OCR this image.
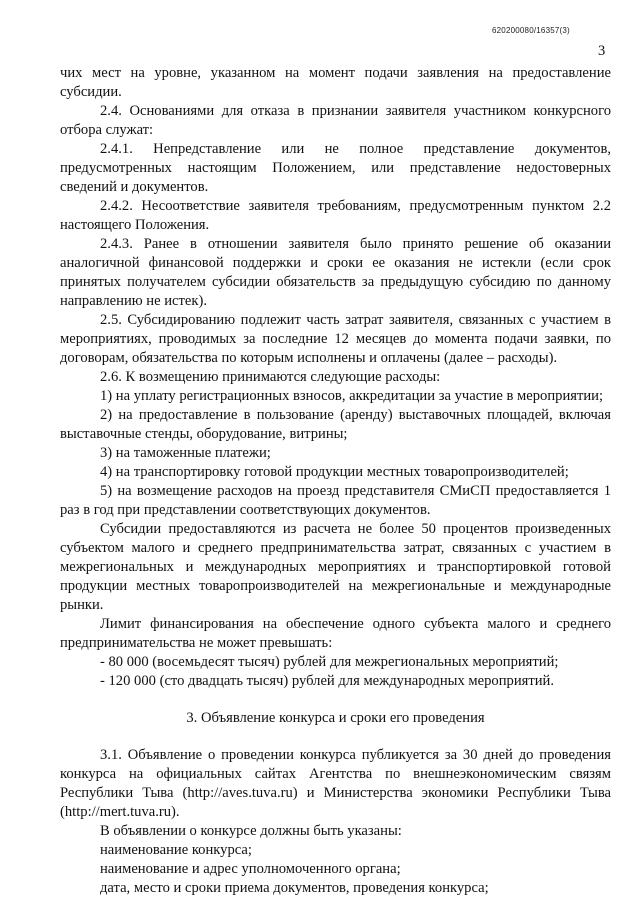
620200080/16357(3)
3

чих мест на уровне, указанном на момент подачи заявления на предоставление субсидии.

2.4. Основаниями для отказа в признании заявителя участником конкурсного отбора служат:

2.4.1. Непредставление или не полное представление документов, предусмотренных настоящим Положением, или представление недостоверных сведений и документов.

2.4.2. Несоответствие заявителя требованиям, предусмотренным пунктом 2.2 настоящего Положения.

2.4.3. Ранее в отношении заявителя было принято решение об оказании аналогичной финансовой поддержки и сроки ее оказания не истекли (если срок принятых получателем субсидии обязательств за предыдущую субсидию по данному направлению не истек).

2.5. Субсидированию подлежит часть затрат заявителя, связанных с участием в мероприятиях, проводимых за последние 12 месяцев до момента подачи заявки, по договорам, обязательства по которым исполнены и оплачены (далее – расходы).

2.6. К возмещению принимаются следующие расходы:

1) на уплату регистрационных взносов, аккредитации за участие в мероприятии;

2) на предоставление в пользование (аренду) выставочных площадей, включая выставочные стенды, оборудование, витрины;

3) на таможенные платежи;

4) на транспортировку готовой продукции местных товаропроизводителей;

5) на возмещение расходов на проезд представителя СМиСП предоставляется 1 раз в год при представлении соответствующих документов.

Субсидии предоставляются из расчета не более 50 процентов произведенных субъектом малого и среднего предпринимательства затрат, связанных с участием в межрегиональных и международных мероприятиях и транспортировкой готовой продукции местных товаропроизводителей на межрегиональные и международные рынки.

Лимит финансирования на обеспечение одного субъекта малого и среднего предпринимательства не может превышать:

- 80 000 (восемьдесят тысяч) рублей для межрегиональных мероприятий;

- 120 000 (сто двадцать тысяч) рублей для международных мероприятий.

3. Объявление конкурса и сроки его проведения

3.1. Объявление о проведении конкурса публикуется за 30 дней до проведения конкурса на официальных сайтах Агентства по внешнеэкономическим связям Республики Тыва (http://aves.tuva.ru) и Министерства экономики Республики Тыва (http://mert.tuva.ru).

В объявлении о конкурсе должны быть указаны:

наименование конкурса;

наименование и адрес уполномоченного органа;

дата, место и сроки приема документов, проведения конкурса;
